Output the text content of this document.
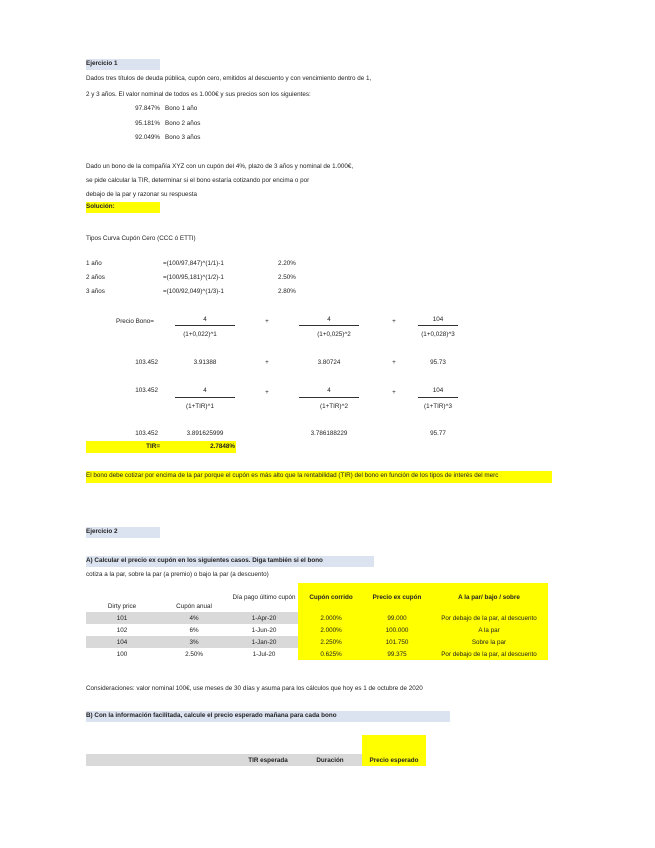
Ejercicio 1
Dados tres títulos de deuda pública, cupón cero, emitidos al descuento y con vencimiento dentro de 1,
2 y 3 años. El valor nominal de todos es 1.000€ y sus precios son los siguientes:
97.847% Bono 1 año
95.181% Bono 2 años
92.049% Bono 3 años
Dado un bono de la compañía XYZ con un cupón del 4%, plazo de 3 años y nominal de 1.000€,
se pide calcular la TIR, determinar si el bono estaría cotizando por encima o por
debajo de la par y razonar su respuesta
Solución:
Tipos Curva Cupón Cero (CCC ó ETTI)
1 año	=(100/97,847)^(1/1)-1	2.20%
2 años	=(100/95,181)^(1/2)-1	2.50%
3 años	=(100/92,049)^(1/3)-1	2.80%
Precio Bono=	4	+	4	+	104
(1+0,022)^1	(1+0,025)^2	(1+0,028)^3
103.452	3.91388	+	3.80724	+	95.73
103.452	4	+	4	+	104
(1+TIR)^1	(1+TIR)^2	(1+TIR)^3
103.452	3.891625999	3.786188229	95.77
TIR=	2.7848%
El bono debe cotizar por encima de la par porque el cupón es más alto que la rentabilidad (TIR) del bono en función de los tipos de interés del merc
Ejercicio 2
A) Calcular el precio ex cupón en los siguientes casos. Diga también si el bono
cotiza a la par, sobre la par (a premio) o bajo la par (a descuento)
Dirty price	Cupón anual	Día pago último cupón	Cupón corrido	Precio ex cupón	A la par/ bajo / sobre
101	4%	1-Apr-20	2.000%	99.000	Por debajo de la par, al descuento
102	6%	1-Jun-20	2.000%	100.000	A la par
104	3%	1-Jan-20	2.250%	101.750	Sobre la par
100	2.50%	1-Jul-20	0.625%	99.375	Por debajo de la par, al descuento
Consideraciones: valor nominal 100€, use meses de 30 días y asuma para los cálculos que hoy es 1 de octubre de 2020
B) Con la información facilitada, calcule el precio esperado mañana para cada bono
TIR esperada	Duración	Precio esperado
